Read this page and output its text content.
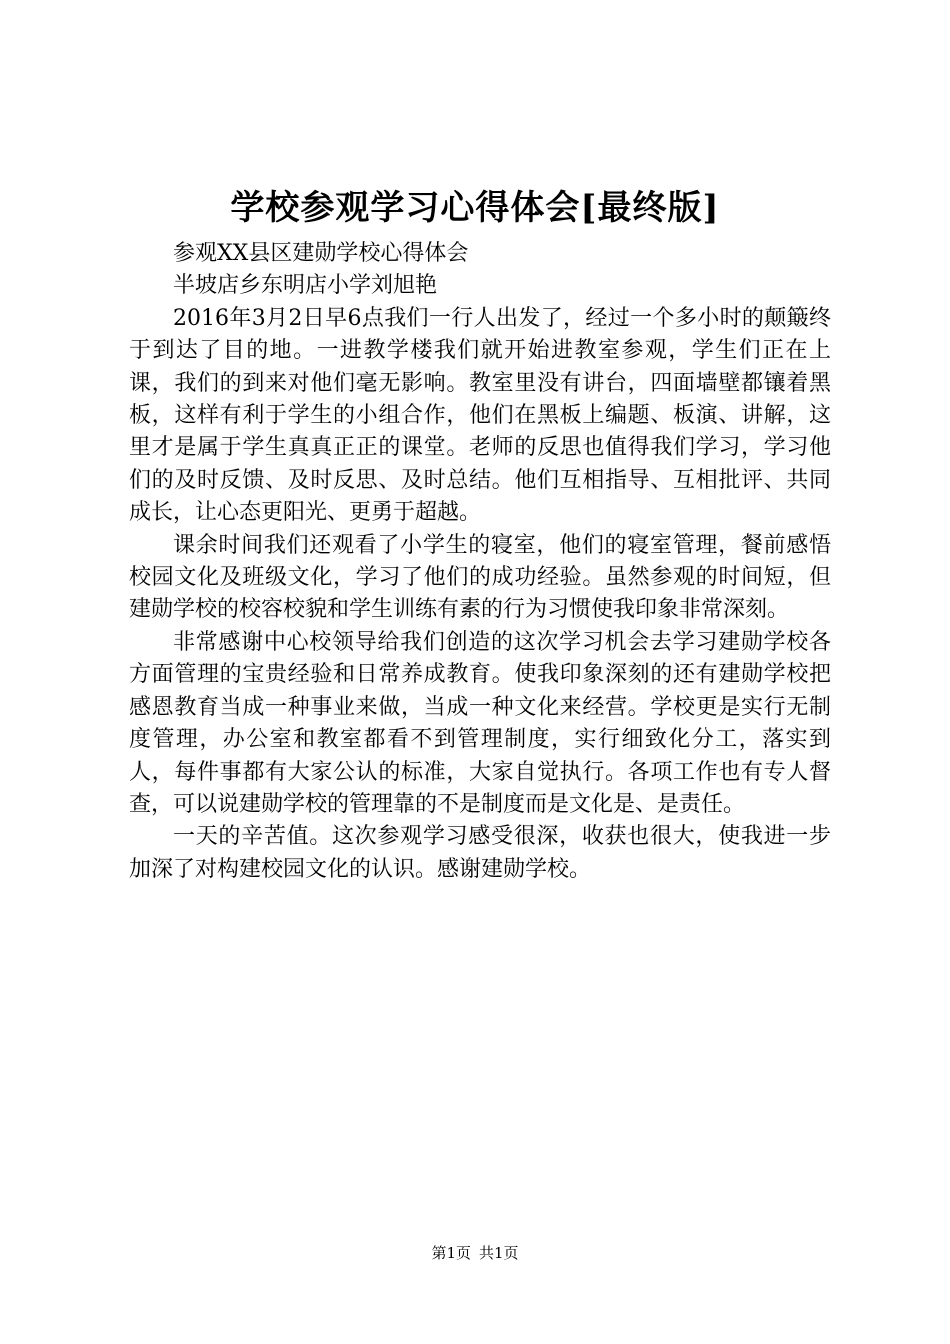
学校参观学习心得体会[最终版]

参观XX县区建勋学校心得体会

半坡店乡东明店小学刘旭艳

2016年3月2日早6点我们一行人出发了，经过一个多小时的颠簸终于到达了目的地。一进教学楼我们就开始进教室参观，学生们正在上课，我们的到来对他们毫无影响。教室里没有讲台，四面墙壁都镶着黑板，这样有利于学生的小组合作，他们在黑板上编题、板演、讲解，这里才是属于学生真真正正的课堂。老师的反思也值得我们学习，学习他们的及时反馈、及时反思、及时总结。他们互相指导、互相批评、共同成长，让心态更阳光、更勇于超越。

课余时间我们还观看了小学生的寝室，他们的寝室管理，餐前感悟校园文化及班级文化，学习了他们的成功经验。虽然参观的时间短，但建勋学校的校容校貌和学生训练有素的行为习惯使我印象非常深刻。

非常感谢中心校领导给我们创造的这次学习机会去学习建勋学校各方面管理的宝贵经验和日常养成教育。使我印象深刻的还有建勋学校把感恩教育当成一种事业来做，当成一种文化来经营。学校更是实行无制度管理，办公室和教室都看不到管理制度，实行细致化分工，落实到人，每件事都有大家公认的标准，大家自觉执行。各项工作也有专人督查，可以说建勋学校的管理靠的不是制度而是文化是、是责任。

一天的辛苦值。这次参观学习感受很深，收获也很大，使我进一步加深了对构建校园文化的认识。感谢建勋学校。

第1页 共1页
